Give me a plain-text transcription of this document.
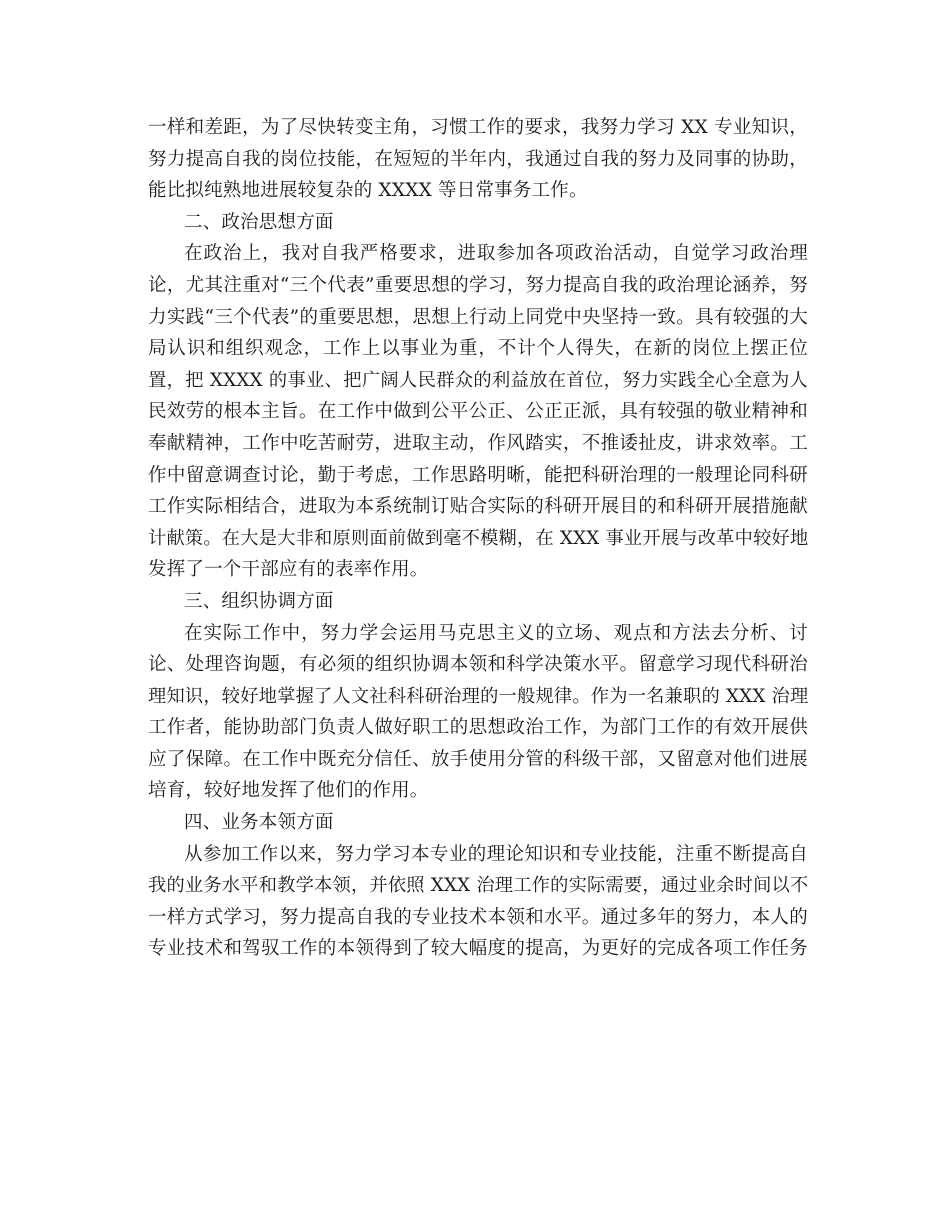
一样和差距，为了尽快转变主角，习惯工作的要求，我努力学习 XX 专业知识，
努力提高自我的岗位技能，在短短的半年内，我通过自我的努力及同事的协助，
能比拟纯熟地进展较复杂的 XXXX 等日常事务工作。
二、政治思想方面
在政治上，我对自我严格要求，进取参加各项政治活动，自觉学习政治理
论，尤其注重对“三个代表”重要思想的学习，努力提高自我的政治理论涵养，努
力实践“三个代表”的重要思想，思想上行动上同党中央坚持一致。具有较强的大
局认识和组织观念，工作上以事业为重，不计个人得失，在新的岗位上摆正位
置，把 XXXX 的事业、把广阔人民群众的利益放在首位，努力实践全心全意为人
民效劳的根本主旨。在工作中做到公平公正、公正正派，具有较强的敬业精神和
奉献精神，工作中吃苦耐劳，进取主动，作风踏实，不推诿扯皮，讲求效率。工
作中留意调查讨论，勤于考虑，工作思路明晰，能把科研治理的一般理论同科研
工作实际相结合，进取为本系统制订贴合实际的科研开展目的和科研开展措施献
计献策。在大是大非和原则面前做到毫不模糊，在 XXX 事业开展与改革中较好地
发挥了一个干部应有的表率作用。
三、组织协调方面
在实际工作中，努力学会运用马克思主义的立场、观点和方法去分析、讨
论、处理咨询题，有必须的组织协调本领和科学决策水平。留意学习现代科研治
理知识，较好地掌握了人文社科科研治理的一般规律。作为一名兼职的 XXX 治理
工作者，能协助部门负责人做好职工的思想政治工作，为部门工作的有效开展供
应了保障。在工作中既充分信任、放手使用分管的科级干部，又留意对他们进展
培育，较好地发挥了他们的作用。
四、业务本领方面
从参加工作以来，努力学习本专业的理论知识和专业技能，注重不断提高自
我的业务水平和教学本领，并依照 XXX 治理工作的实际需要，通过业余时间以不
一样方式学习，努力提高自我的专业技术本领和水平。通过多年的努力，本人的
专业技术和驾驭工作的本领得到了较大幅度的提高，为更好的完成各项工作任务
